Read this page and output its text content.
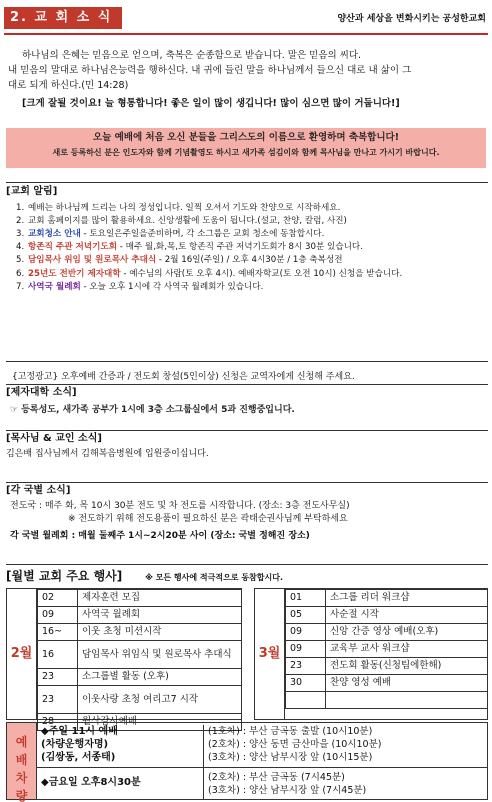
2. 교 회 소 식	양산과 세상을 변화시키는 공성한교회

하나님의 은혜는 믿음으로 얻으며, 축복은 순종함으로 받습니다. 말은 믿음의 씨다.

내 믿음의 말대로 하나님은능력을 행하신다. 내 귀에 들린 말을 하나님께서 들으신 대로 내 삶이 그
대로 되게 하신다.(민 14:28)

[크게 잘될 것이요! 늘 형통합니다! 좋은 일이 많이 생깁니다! 많이 심으면 많이 거둡니다!]

오늘 예배에 처음 오신 분들을 그리스도의 이름으로 환영하며 축복합니다!
새로 등록하신 분은 인도자와 함께 기념촬영도 하시고 새가족 섬김이와 함께 목사님을 만나고 가시기 바랍니다.
[교회 알림]
1. 예배는 하나님께 드리는 나의 정성입니다. 일찍 오셔서 기도와 찬양으로 시작하세요.
2. 교회 홈페이지를 많이 활용하세요. 신앙생활에 도움이 됩니다.(설교, 찬양, 칼럼, 사진)
3. 교회청소 안내 - 토요일은주일을준비하며, 각 소그룹은 교회 청소에 동참합시다.
4. 항존직 주관 저녁기도회 - 매주 월,화,목,토 항존직 주관 저녁기도회가 8시 30분 있습니다.
5. 담임목사 위임 및 원로목사 추대식 - 2월 16일(주일) / 오후 4시30분 / 1층 축복성전
6. 25년도 전반기 제자대학 - 예수님의 사람(토 오후 4시). 예배자학교(토 오전 10시) 신청을 받습니다.
7. 사역국 월례회 - 오늘 오후 1시에 각 사역국 월례회가 있습니다.
{고정광고} 오후예배 간증과 / 전도회 창설(5인이상) 신청은 교역자에게 신청해 주세요.
[제자대학 소식]
☞ 등록성도, 새가족 공부가 1시에 3층 소그룹실에서 5과 진행중입니다.
[목사님 & 교인 소식]
김은배 집사님께서 김해복음병원에 입원중이십니다.
[각 국별 소식]
전도국 : 매주 화, 목 10시 30분 전도 및 차 전도를 시작합니다. (장소: 3층 전도사무실)
※ 전도하기 위해 전도용품이 필요하신 분은 곽태순권사님께 부탁하세요
각 국별 월례회 : 매월 둘째주 1시~2시20분 사이 (장소: 국별 정해진 장소)
[월별 교회 주요 행사]	※ 모든 행사에 적극적으로 동참합시다.
2월
02	제자훈련 모집
09	사역국 월례회
16~	이웃 초청 미션시작
16	담임목사 위임식 및 원로목사 추대식
23	소그룹별 활동 (오후)
23	이웃사랑 초청 여리고7 시작
28	월삭감사예배
3월
01	소그룹 리더 워크샵
05	사순절 시작
09	신앙 간증 영상 예배(오후)
09	교육부 교사 워크샵
23	전도회 활동(신청팀에한해)
30	찬양 영성 예배

예배차량
◆주일 11시 예배
(차량운행자명)
(김쌍동, 서종태)
(1호차) : 부산 금곡동 출발 (10시10분)
(2호차) : 양산 동면 금산마을 (10시10분)
(3호차) : 양산 남부시장 앞 (10시15분)
◆금요일 오후8시30분	(2호차) : 부산 금곡동 (7시45분)
(3호차) : 양산 남부시장 앞 (7시45분)
